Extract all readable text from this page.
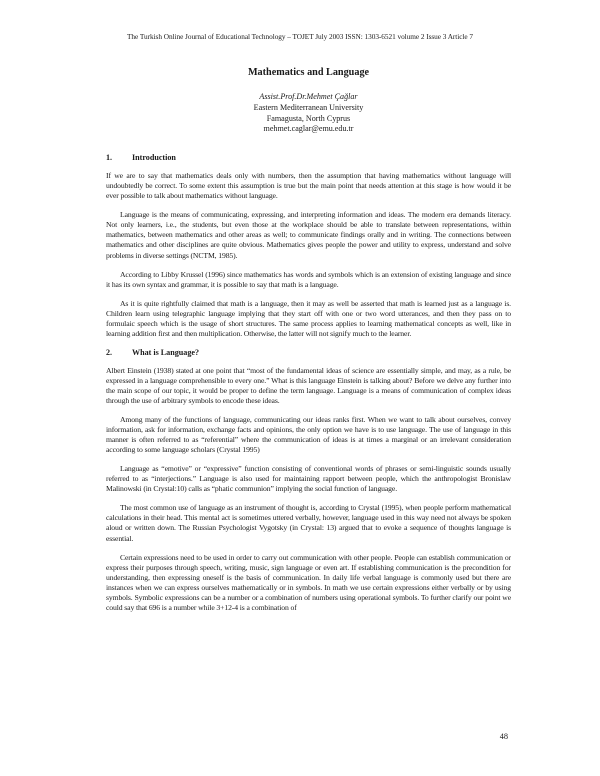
The Turkish Online Journal of Educational Technology – TOJET July 2003 ISSN: 1303-6521 volume 2 Issue 3 Article 7
Mathematics and Language
Assist.Prof.Dr.Mehmet Çağlar
Eastern Mediterranean University
Famagusta, North Cyprus
mehmet.caglar@emu.edu.tr
1. Introduction

If we are to say that mathematics deals only with numbers, then the assumption that having mathematics without language will undoubtedly be correct. To some extent this assumption is true but the main point that needs attention at this stage is how would it be ever possible to talk about mathematics without language.

Language is the means of communicating, expressing, and interpreting information and ideas. The modern era demands literacy. Not only learners, i.e., the students, but even those at the workplace should be able to translate between representations, within mathematics, between mathematics and other areas as well; to communicate findings orally and in writing. The connections between mathematics and other disciplines are quite obvious. Mathematics gives people the power and utility to express, understand and solve problems in diverse settings (NCTM, 1985).

According to Libby Krussel (1996) since mathematics has words and symbols which is an extension of existing language and since it has its own syntax and grammar, it is possible to say that math is a language.

As it is quite rightfully claimed that math is a language, then it may as well be asserted that math is learned just as a language is. Children learn using telegraphic language implying that they start off with one or two word utterances, and then they pass on to formulaic speech which is the usage of short structures. The same process applies to learning mathematical concepts as well, like in learning addition first and then multiplication. Otherwise, the latter will not signify much to the learner.

2. What is Language?

Albert Einstein (1938) stated at one point that “most of the fundamental ideas of science are essentially simple, and may, as a rule, be expressed in a language comprehensible to every one.” What is this language Einstein is talking about? Before we delve any further into the main scope of our topic, it would be proper to define the term language. Language is a means of communication of complex ideas through the use of arbitrary symbols to encode these ideas.

Among many of the functions of language, communicating our ideas ranks first. When we want to talk about ourselves, convey information, ask for information, exchange facts and opinions, the only option we have is to use language. The use of language in this manner is often referred to as “referential” where the communication of ideas is at times a marginal or an irrelevant consideration according to some language scholars (Crystal 1995)

Language as “emotive” or “expressive” function consisting of conventional words of phrases or semi-linguistic sounds usually referred to as “interjections.” Language is also used for maintaining rapport between people, which the anthropologist Bronislaw Malinowski (in Crystal:10) calls as “phatic communion” implying the social function of language.

The most common use of language as an instrument of thought is, according to Crystal (1995), when people perform mathematical calculations in their head. This mental act is sometimes uttered verbally, however, language used in this way need not always be spoken aloud or written down. The Russian Psychologist Vygotsky (in Crystal: 13) argued that to evoke a sequence of thoughts language is essential.

Certain expressions need to be used in order to carry out communication with other people. People can establish communication or express their purposes through speech, writing, music, sign language or even art. If establishing communication is the precondition for understanding, then expressing oneself is the basis of communication. In daily life verbal language is commonly used but there are instances when we can express ourselves mathematically or in symbols. In math we use certain expressions either verbally or by using symbols. Symbolic expressions can be a number or a combination of numbers using operational symbols. To further clarify our point we could say that 696 is a number while 3+12-4 is a combination of

48
